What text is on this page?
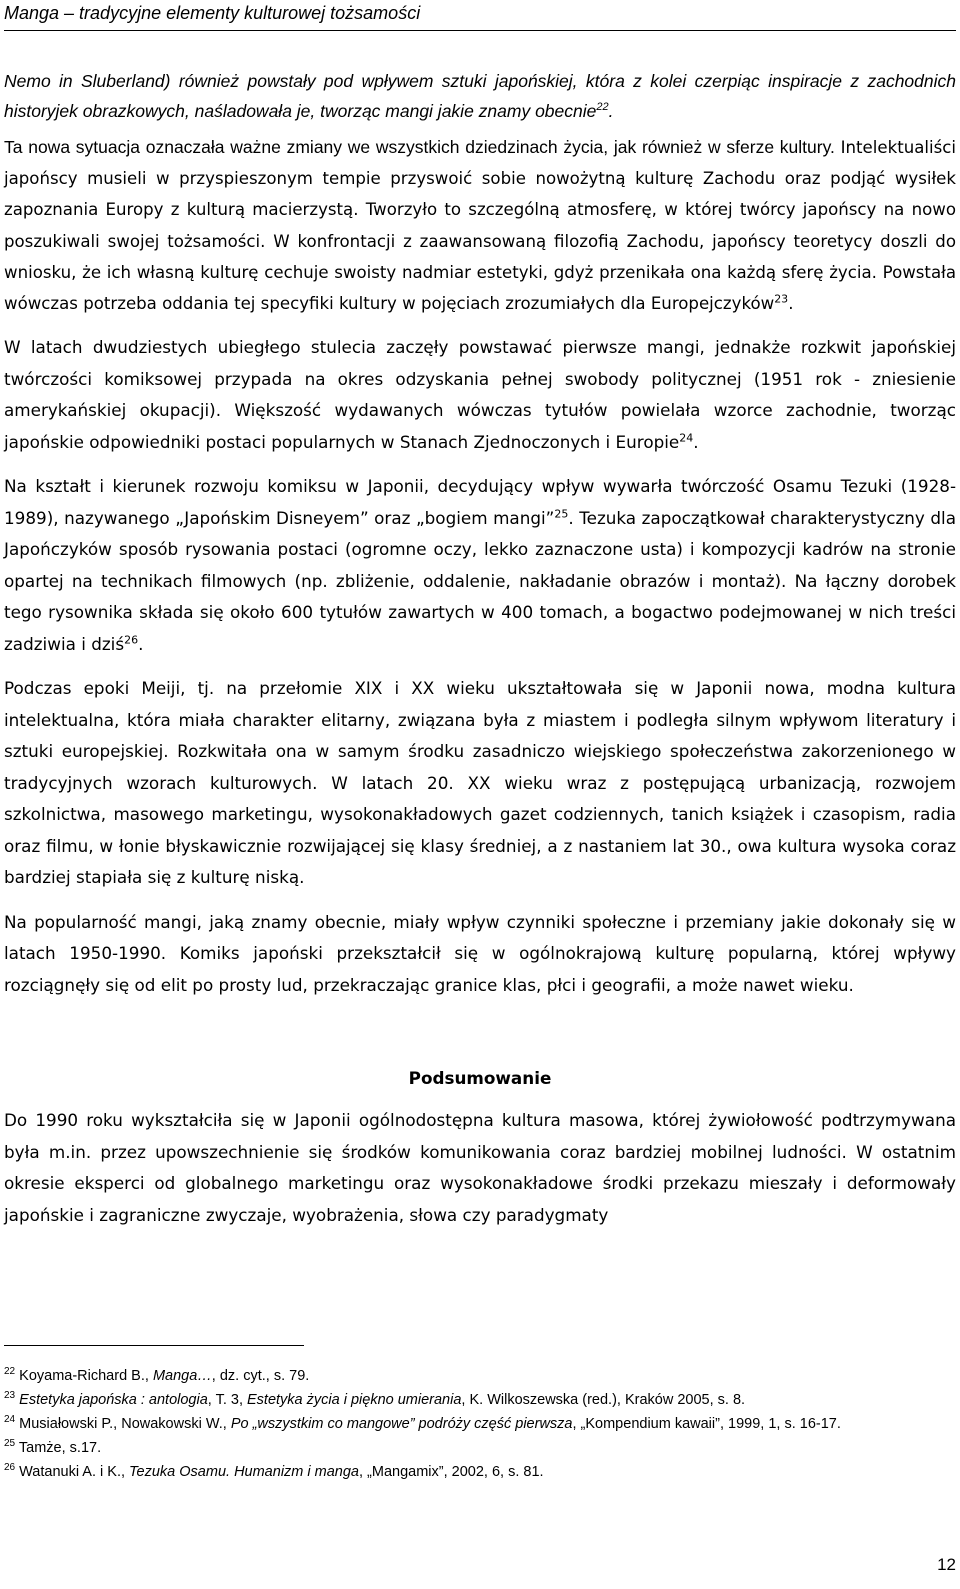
Manga – tradycyjne elementy kulturowej tożsamości

Nemo in Sluberland) również powstały pod wpływem sztuki japońskiej, która z kolei czerpiąc inspiracje z zachodnich historyjek obrazkowych, naśladowała je, tworząc mangi jakie znamy obecnie$^{22}$.

Ta nowa sytuacja oznaczała ważne zmiany we wszystkich dziedzinach życia, jak również w sferze kultury. Intelektualiści japońscy musieli w przyspieszonym tempie przyswoić sobie nowożytną kulturę Zachodu oraz podjąć wysiłek zapoznania Europy z kulturą macierzystą. Tworzyło to szczególną atmosferę, w której twórcy japońscy na nowo poszukiwali swojej tożsamości. W konfrontacji z zaawansowaną filozofią Zachodu, japońscy teoretycy doszli do wniosku, że ich własną kulturę cechuje swoisty nadmiar estetyki, gdyż przenikała ona każdą sferę życia. Powstała wówczas potrzeba oddania tej specyfiki kultury w pojęciach zrozumiałych dla Europejczyków$^{23}$.

W latach dwudziestych ubiegłego stulecia zaczęły powstawać pierwsze mangi, jednakże rozkwit japońskiej twórczości komiksowej przypada na okres odzyskania pełnej swobody politycznej (1951 rok - zniesienie amerykańskiej okupacji). Większość wydawanych wówczas tytułów powielała wzorce zachodnie, tworząc japońskie odpowiedniki postaci popularnych w Stanach Zjednoczonych i Europie$^{24}$.

Na kształt i kierunek rozwoju komiksu w Japonii, decydujący wpływ wywarła twórczość Osamu Tezuki (1928-1989), nazywanego „Japońskim Disneyem” oraz „bogiem mangi”$^{25}$. Tezuka zapoczątkował charakterystyczny dla Japończyków sposób rysowania postaci (ogromne oczy, lekko zaznaczone usta) i kompozycji kadrów na stronie opartej na technikach filmowych (np. zbliżenie, oddalenie, nakładanie obrazów i montaż). Na łączny dorobek tego rysownika składa się około 600 tytułów zawartych w 400 tomach, a bogactwo podejmowanej w nich treści zadziwia i dziś$^{26}$.

Podczas epoki Meiji, tj. na przełomie XIX i XX wieku ukształtowała się w Japonii nowa, modna kultura intelektualna, która miała charakter elitarny, związana była z miastem i podległa silnym wpływom literatury i sztuki europejskiej. Rozkwitała ona w samym środku zasadniczo wiejskiego społeczeństwa zakorzenionego w tradycyjnych wzorach kulturowych. W latach 20. XX wieku wraz z postępującą urbanizacją, rozwojem szkolnictwa, masowego marketingu, wysokonakładowych gazet codziennych, tanich książek i czasopism, radia oraz filmu, w łonie błyskawicznie rozwijającej się klasy średniej, a z nastaniem lat 30., owa kultura wysoka coraz bardziej stapiała się z kulturę niską.

Na popularność mangi, jaką znamy obecnie, miały wpływ czynniki społeczne i przemiany jakie dokonały się w latach 1950-1990. Komiks japoński przekształcił się w ogólnokrajową kulturę popularną, której wpływy rozciągnęły się od elit po prosty lud, przekraczając granice klas, płci i geografii, a może nawet wieku.

Podsumowanie

Do 1990 roku wykształciła się w Japonii ogólnodostępna kultura masowa, której żywiołowość podtrzymywana była m.in. przez upowszechnienie się środków komunikowania coraz bardziej mobilnej ludności. W ostatnim okresie eksperci od globalnego marketingu oraz wysokonakładowe środki przekazu mieszały i deformowały japońskie i zagraniczne zwyczaje, wyobrażenia, słowa czy paradygmaty

$^{22}$ Koyama-Richard B., Manga…, dz. cyt., s. 79.

$^{23}$ Estetyka japońska : antologia, T. 3, Estetyka życia i piękno umierania, K. Wilkoszewska (red.), Kraków 2005, s. 8.

$^{24}$ Musiałowski P., Nowakowski W., Po „wszystkim co mangowe” podróży część pierwsza, „Kompendium kawaii”, 1999, 1, s. 16-17.

$^{25}$ Tamże, s.17.

$^{26}$ Watanuki A. i K., Tezuka Osamu. Humanizm i manga, „Mangamix”, 2002, 6, s. 81.

12
